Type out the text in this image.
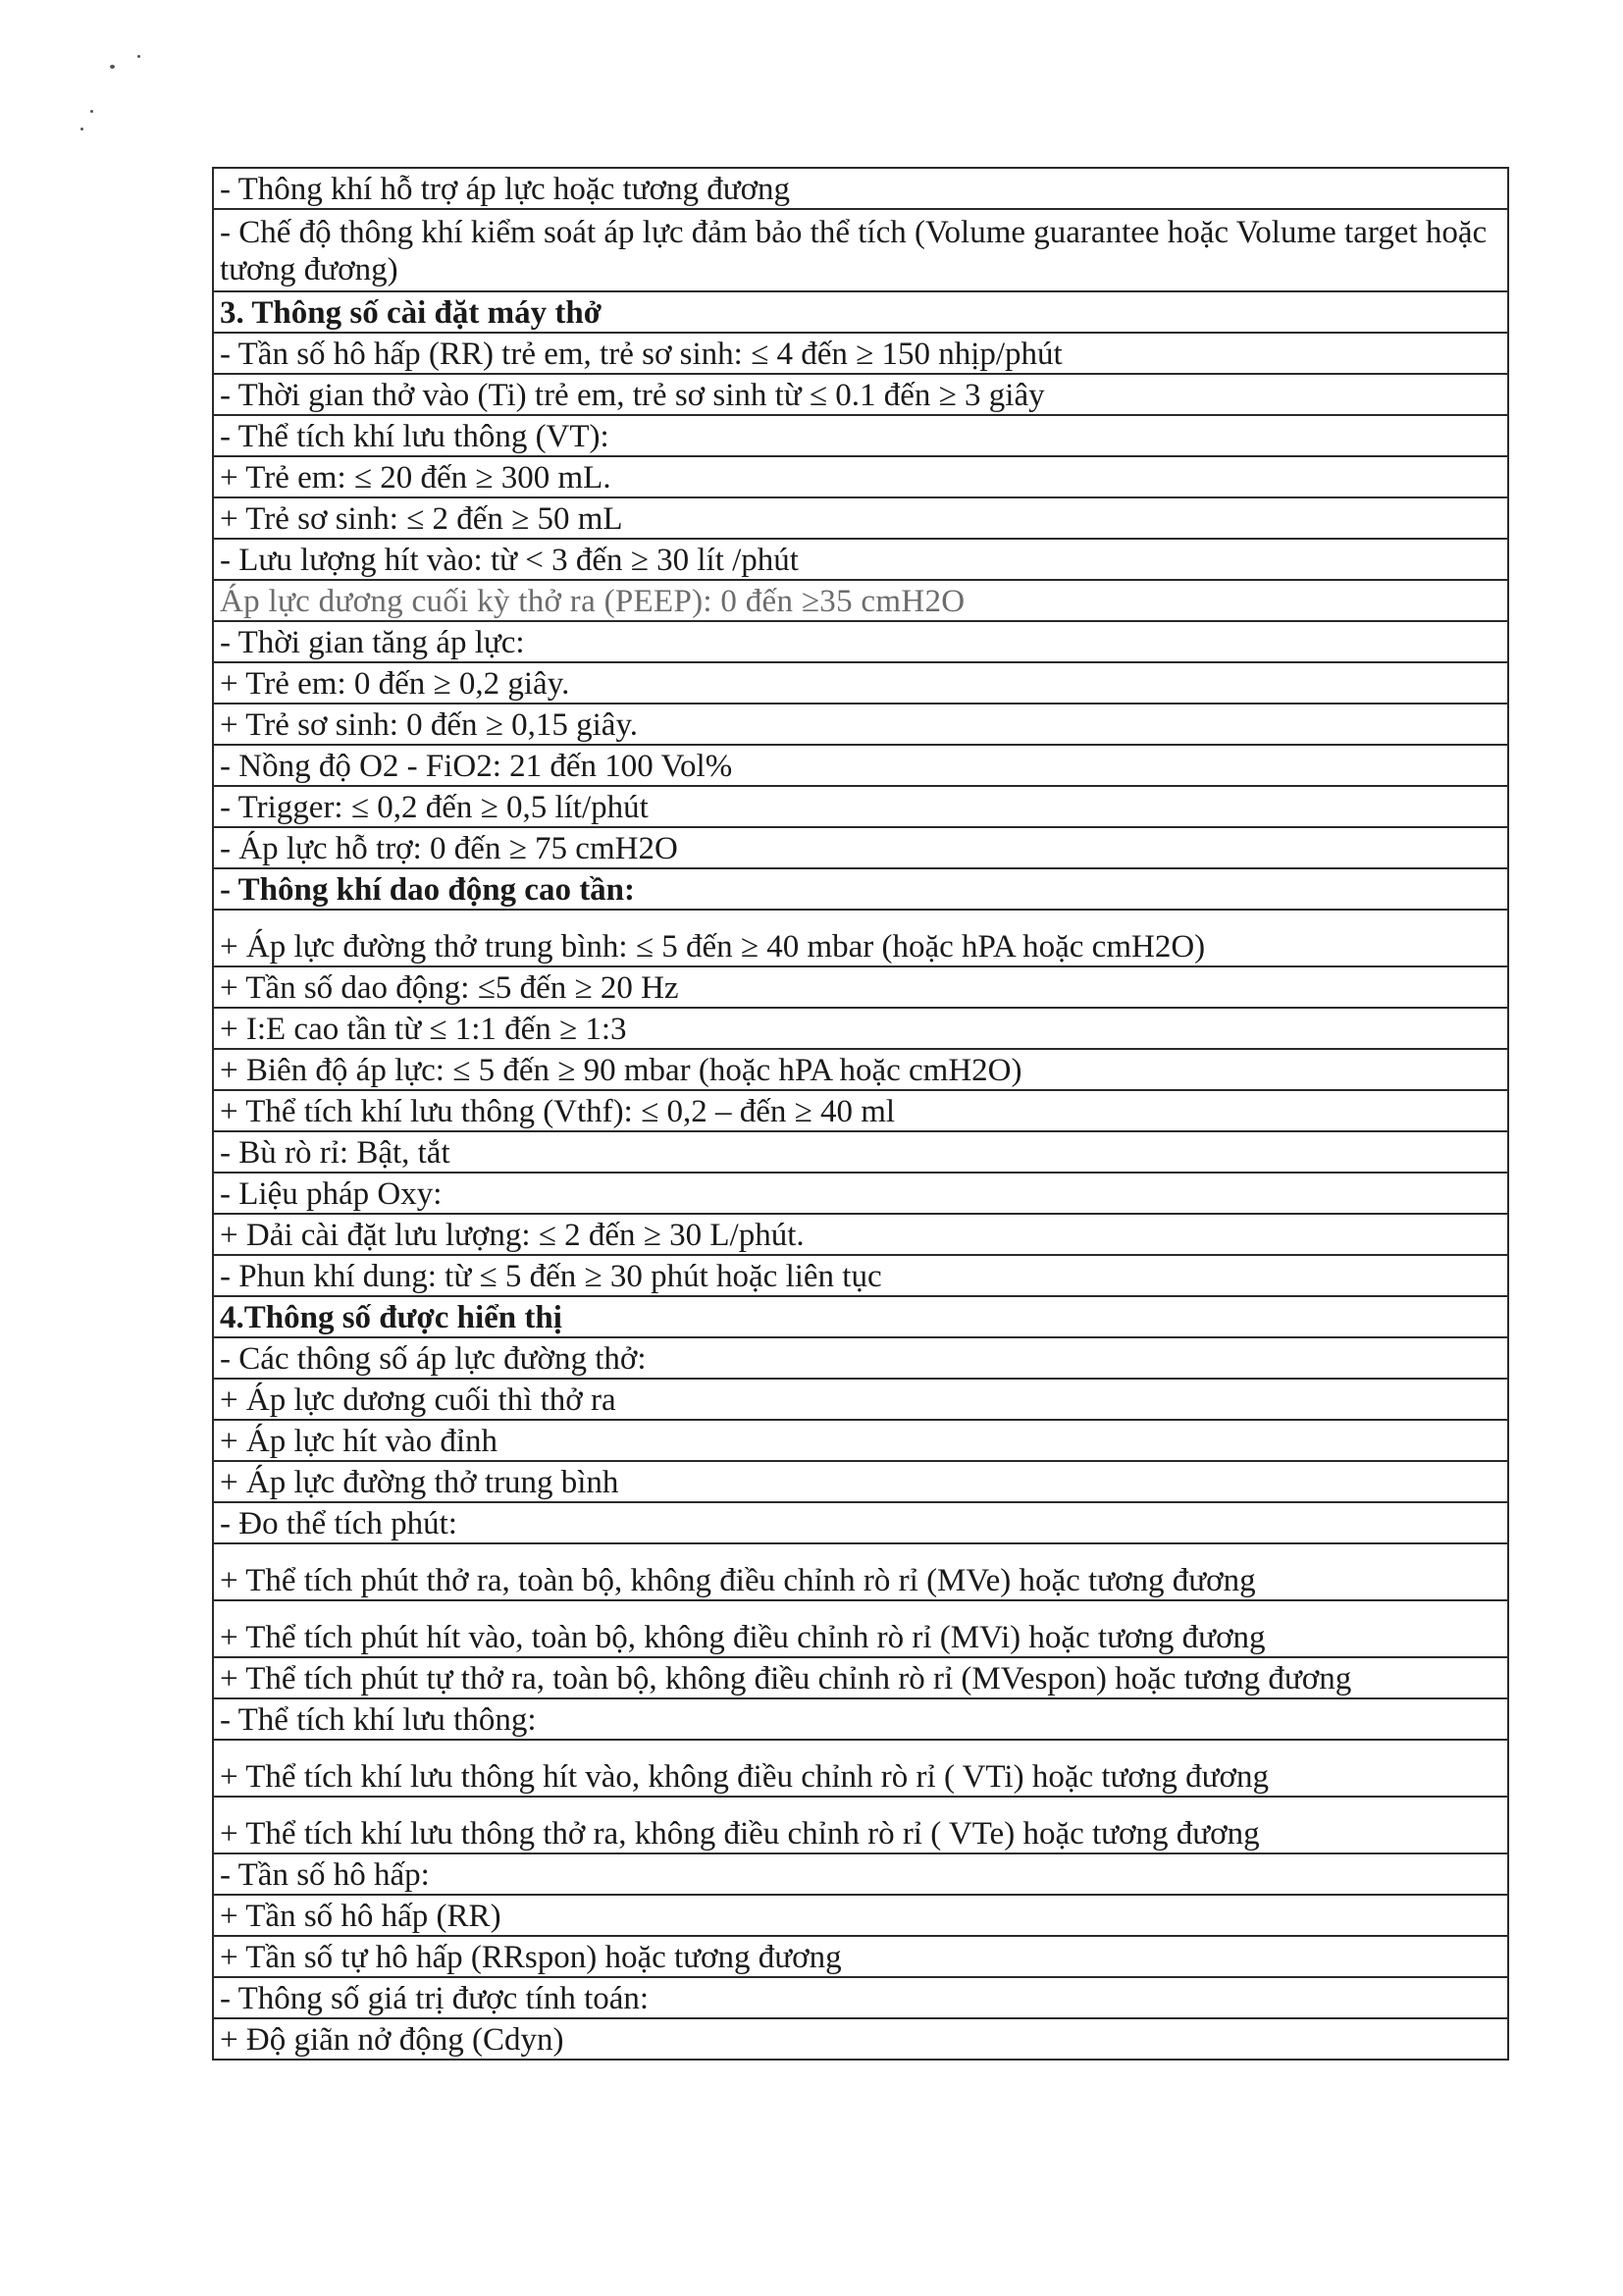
- Thông khí hỗ trợ áp lực hoặc tương đương
- Chế độ thông khí kiểm soát áp lực đảm bảo thể tích (Volume guarantee hoặc Volume target hoặc tương đương)
3. Thông số cài đặt máy thở
- Tần số hô hấp (RR) trẻ em, trẻ sơ sinh: ≤ 4 đến ≥ 150 nhịp/phút
- Thời gian thở vào (Ti) trẻ em, trẻ sơ sinh từ ≤ 0.1 đến ≥ 3 giây
- Thể tích khí lưu thông (VT):
+ Trẻ em: ≤ 20 đến ≥ 300 mL.
+ Trẻ sơ sinh: ≤ 2 đến ≥ 50 mL
- Lưu lượng hít vào: từ < 3 đến ≥ 30 lít /phút
Áp lực dương cuối kỳ thở ra (PEEP): 0 đến ≥35 cmH2O
- Thời gian tăng áp lực:
+ Trẻ em: 0 đến ≥ 0,2 giây.
+ Trẻ sơ sinh: 0 đến ≥ 0,15 giây.
- Nồng độ O2 - FiO2: 21 đến 100 Vol%
- Trigger: ≤ 0,2 đến ≥ 0,5 lít/phút
- Áp lực hỗ trợ: 0 đến ≥ 75 cmH2O
- Thông khí dao động cao tần:
+ Áp lực đường thở trung bình: ≤ 5 đến ≥ 40 mbar (hoặc hPA hoặc cmH2O)
+ Tần số dao động: ≤5 đến ≥ 20 Hz
+ I:E cao tần từ ≤ 1:1 đến ≥ 1:3
+ Biên độ áp lực: ≤ 5 đến ≥ 90 mbar (hoặc hPA hoặc cmH2O)
+ Thể tích khí lưu thông (Vthf): ≤ 0,2 – đến ≥ 40 ml
- Bù rò rỉ: Bật, tắt
- Liệu pháp Oxy:
+ Dải cài đặt lưu lượng: ≤ 2 đến ≥ 30 L/phút.
- Phun khí dung: từ ≤ 5 đến ≥ 30 phút hoặc liên tục
4.Thông số được hiển thị
- Các thông số áp lực đường thở:
+ Áp lực dương cuối thì thở ra
+ Áp lực hít vào đỉnh
+ Áp lực đường thở trung bình
- Đo thể tích phút:
+ Thể tích phút thở ra, toàn bộ, không điều chỉnh rò rỉ (MVe) hoặc tương đương
+ Thể tích phút hít vào, toàn bộ, không điều chỉnh rò rỉ (MVi) hoặc tương đương
+ Thể tích phút tự thở ra, toàn bộ, không điều chỉnh rò rỉ (MVespon) hoặc tương đương
- Thể tích khí lưu thông:
+ Thể tích khí lưu thông hít vào, không điều chỉnh rò rỉ ( VTi) hoặc tương đương
+ Thể tích khí lưu thông thở ra, không điều chỉnh rò rỉ ( VTe) hoặc tương đương
- Tần số hô hấp:
+ Tần số hô hấp (RR)
+ Tần số tự hô hấp (RRspon) hoặc tương đương
- Thông số giá trị được tính toán:
+ Độ giãn nở động (Cdyn)
